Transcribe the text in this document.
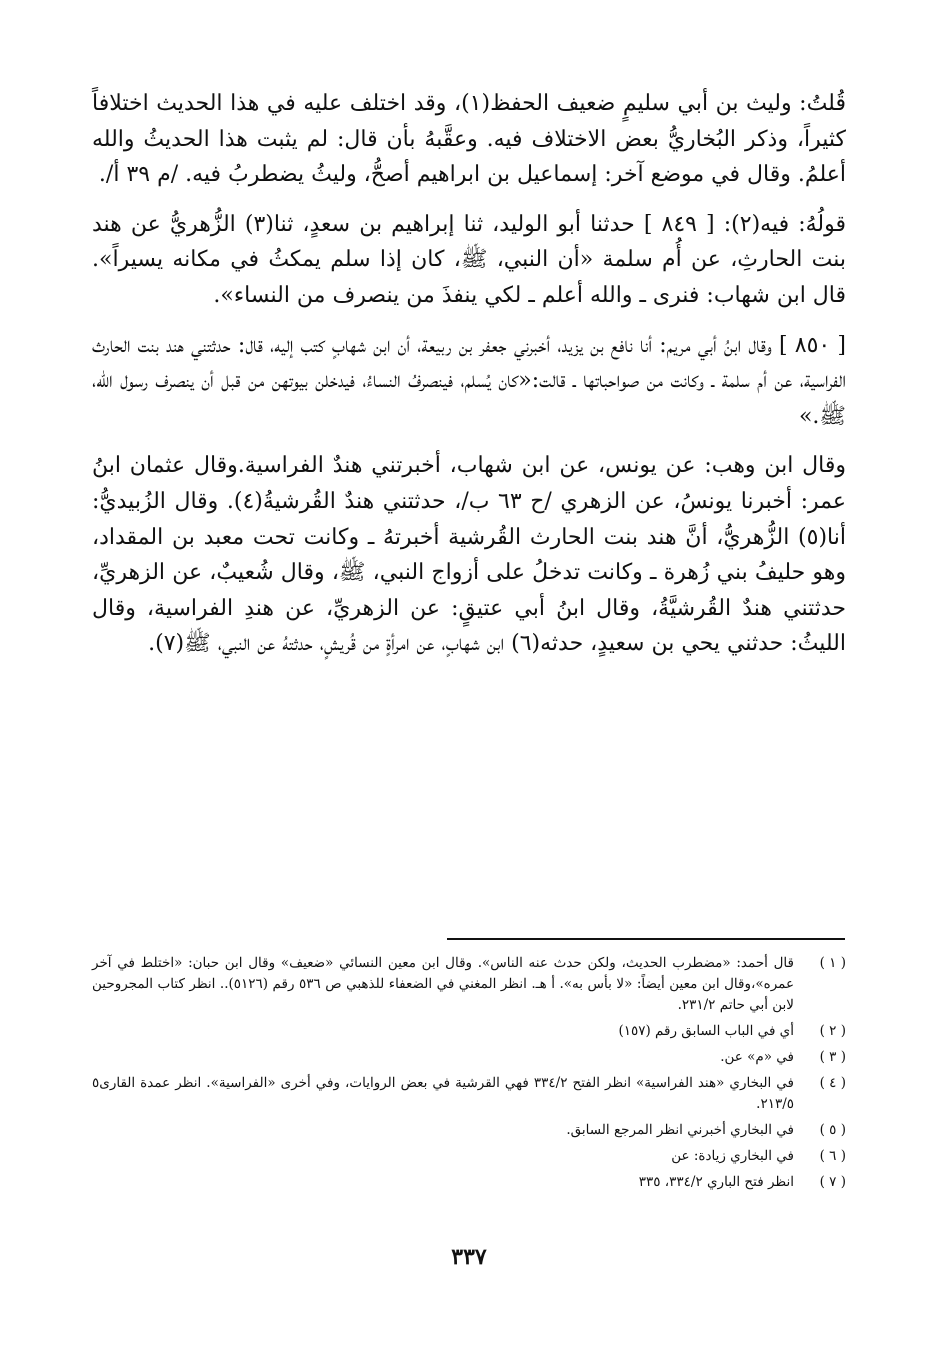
قُلتُ: وليث بن أبي سليمٍ ضعيف الحفظ(١)، وقد اختلف عليه في هذا الحديث اختلافاً كثيراً، وذكر البُخاريُّ بعض الاختلاف فيه. وعقَّبهُ بأن قال: لم يثبت هذا الحديثُ والله أعلمُ. وقال في موضع آخر: إسماعيل بن ابراهيم أصحُّ، وليثُ يضطربُ فيه. /م ٣٩ أ/.

قولُهُ: فيه(٢): [ ٨٤٩ ] حدثنا أبو الوليد، ثنا إبراهيم بن سعدٍ، ثنا(٣) الزُّهريُّ عن هند بنت الحارثِ، عن أُم سلمة «أن النبي، ﷺ، كان إذا سلم يمكثُ في مكانه يسيراً». قال ابن شهاب: فنرى ـ والله أعلم ـ لكي ينفذَ من ينصرف من النساء».

[ ٨٥٠ ] وقال ابنُ أبي مريم: أنا نافع بن يزيد، أخبرني جعفر بن ربيعة، أن ابن شهابٍ كتب إليه، قال: حدثتني هند بنت الحارث الفراسية، عن أم سلمة ـ وكانت من صواحباتها ـ قالت:«كان يُسلم، فينصرفُ النساءُ، فيدخلن بيوتهن من قبل أن ينصرف رسول الله، ﷺ.»

وقال ابن وهب: عن يونس، عن ابن شهاب، أخبرتني هندٌ الفراسية.وقال عثمان ابنُ عمر: أخبرنا يونسُ، عن الزهري /ح ٦٣ ب/، حدثتني هندٌ القُرشيةُ(٤). وقال الزُبيديُّ: أنا(٥) الزُّهريُّ، أنَّ هند بنت الحارث القُرشية أخبرتهُ ـ وكانت تحت معبد بن المقداد، وهو حليفُ بني زُهرة ـ وكانت تدخلُ على أزواج النبي، ﷺ، وقال شُعيبٌ، عن الزهريِّ، حدثتني هندٌ القُرشيَّةُ، وقال ابنُ أبي عتيقٍ: عن الزهريِّ، عن هندِ الفراسية، وقال الليثُ: حدثني يحي بن سعيدٍ، حدثه(٦) ابن شهابٍ، عن امرأةٍ من قُريشٍ، حدثتهُ عن النبي، ﷺ(٧).

( ١ )
قال أحمد: «مضطرب الحديث، ولكن حدث عنه الناس». وقال ابن معين النسائي «ضعيف» وقال ابن حبان: «اختلط في آخر عمره»،وقال ابن معين أيضاً: «لا بأس به». أ هـ. انظر المغني في الضعفاء للذهبي ص ٥٣٦ رقم (٥١٢٦).. انظر كتاب المجروحين لابن أبي حاتم ٢٣١/٢.
( ٢ )
أي في الباب السابق رقم (١٥٧)
( ٣ )
في «م» عن.
( ٤ )
في البخاري «هند الفراسية» انظر الفتح ٣٣٤/٢ فهي القرشية في بعض الروايات، وفي أخرى «الفراسية». انظر عمدة القارى٥ ٢١٣/٥.
( ٥ )
في البخاري أخبرني انظر المرجع السابق.
( ٦ )
في البخاري زيادة: عن
( ٧ )
انظر فتح الباري ٣٣٤/٢، ٣٣٥
٣٣٧
